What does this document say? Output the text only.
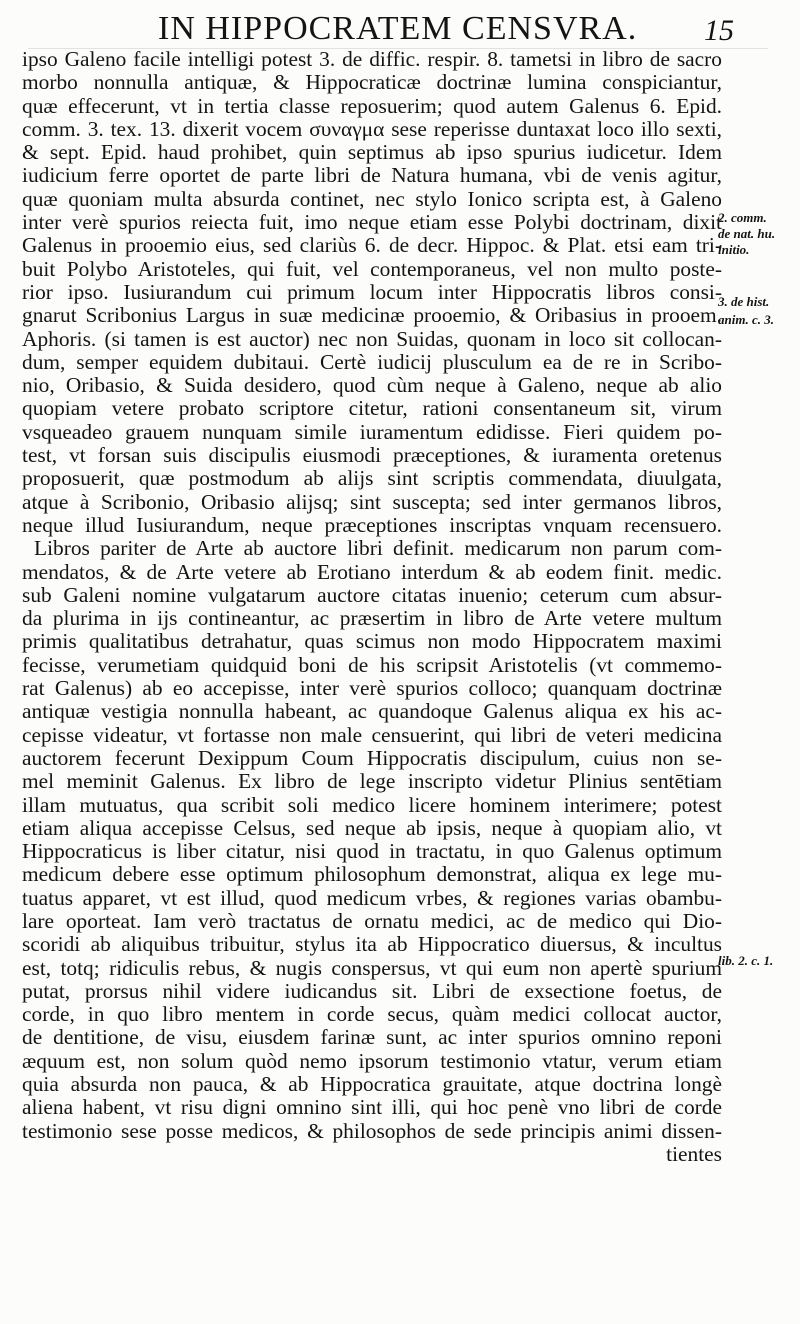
IN HIPPOCRATEM CENSVRA. 15
ipso Galeno facile intelligi potest 3. de diffic. respir. 8. tametsi in libro de sacro
morbo nonnulla antiquæ, & Hippocraticæ doctrinæ lumina conspiciantur,
quæ effecerunt, vt in tertia classe reposuerim; quod autem Galenus 6. Epid.
comm. 3. tex. 13. dixerit vocem συναγμα sese reperisse duntaxat loco illo sexti,
& sept. Epid. haud prohibet, quin septimus ab ipso spurius iudicetur. Idem
iudicium ferre oportet de parte libri de Natura humana, vbi de venis agitur,
quæ quoniam multa absurda continet, nec stylo Ionico scripta est, à Galeno
inter verè spurios reiecta fuit, imo neque etiam esse Polybi doctrinam, dixit
Galenus in prooemio eius, sed clariùs 6. de decr. Hippoc. & Plat. etsi eam tri-
buit Polybo Aristoteles, qui fuit, vel contemporaneus, vel non multo poste-
rior ipso. Iusiurandum cui primum locum inter Hippocratis libros consi-
gnarut Scribonius Largus in suæ medicinæ prooemio, & Oribasius in prooem.
Aphoris. (si tamen is est auctor) nec non Suidas, quonam in loco sit collocan-
dum, semper equidem dubitaui. Certè iudicij plusculum ea de re in Scribo-
nio, Oribasio, & Suida desidero, quod cùm neque à Galeno, neque ab alio
quopiam vetere probato scriptore citetur, rationi consentaneum sit, virum
vsqueadeo grauem nunquam simile iuramentum edidisse. Fieri quidem po-
test, vt forsan suis discipulis eiusmodi præceptiones, & iuramenta oretenus
proposuerit, quæ postmodum ab alijs sint scriptis commendata, diuulgata,
atque à Scribonio, Oribasio alijsq; sint suscepta; sed inter germanos libros,
neque illud Iusiurandum, neque præceptiones inscriptas vnquam recensuero.
Libros pariter de Arte ab auctore libri definit. medicarum non parum com-
mendatos, & de Arte vetere ab Erotiano interdum & ab eodem finit. medic.
sub Galeni nomine vulgatarum auctore citatas inuenio; ceterum cum absur-
da plurima in ijs contineantur, ac præsertim in libro de Arte vetere multum
primis qualitatibus detrahatur, quas scimus non modo Hippocratem maximi
fecisse, verumetiam quidquid boni de his scripsit Aristotelis (vt commemo-
rat Galenus) ab eo accepisse, inter verè spurios colloco; quanquam doctrinæ
antiquæ vestigia nonnulla habeant, ac quandoque Galenus aliqua ex his ac-
cepisse videatur, vt fortasse non male censuerint, qui libri de veteri medicina
auctorem fecerunt Dexippum Coum Hippocratis discipulum, cuius non se-
mel meminit Galenus. Ex libro de lege inscripto videtur Plinius sentētiam
illam mutuatus, qua scribit soli medico licere hominem interimere; potest
etiam aliqua accepisse Celsus, sed neque ab ipsis, neque à quopiam alio, vt
Hippocraticus is liber citatur, nisi quod in tractatu, in quo Galenus optimum
medicum debere esse optimum philosophum demonstrat, aliqua ex lege mu-
tuatus apparet, vt est illud, quod medicum vrbes, & regiones varias obambu-
lare oporteat. Iam verò tractatus de ornatu medici, ac de medico qui Dio-
scoridi ab aliquibus tribuitur, stylus ita ab Hippocratico diuersus, & incultus
est, totq; ridiculis rebus, & nugis conspersus, vt qui eum non apertè spurium
putat, prorsus nihil videre iudicandus sit. Libri de exsectione foetus, de
corde, in quo libro mentem in corde secus, quàm medici collocat auctor,
de dentitione, de visu, eiusdem farinæ sunt, ac inter spurios omnino reponi
æquum est, non solum quòd nemo ipsorum testimonio vtatur, verum etiam
quia absurda non pauca, & ab Hippocratica grauitate, atque doctrina longè
aliena habent, vt risu digni omnino sint illi, qui hoc penè vno libri de corde
testimonio sese posse medicos, & philosophos de sede principis animi dissen-
tientes
2. comm.
de nat. hu.
initio.
3. de hist.
anim. c. 3.
lib. 2. c. 1.
